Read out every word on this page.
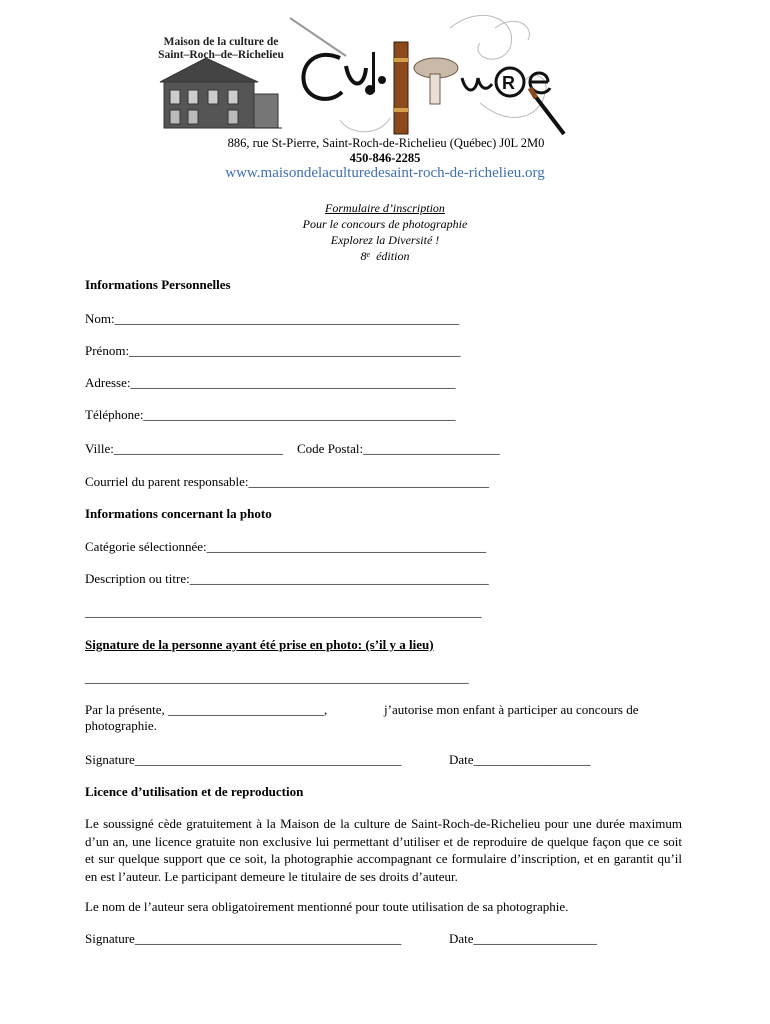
R
Maison de la culture de
Saint–Roch–de–Richelieu
886, rue St-Pierre, Saint-Roch-de-Richelieu (Québec) J0L 2M0
450-846-2285
www.maisondelaculturedesaint-roch-de-richelieu.org
Formulaire d’inscription
Pour le concours de photographie
Explorez la Diversité !
8e édition
Informations Personnelles
Nom:_____________________________________________________
Prénom:___________________________________________________
Adresse:__________________________________________________
Téléphone:________________________________________________
Ville:__________________________ Code Postal:_____________________
Courriel du parent responsable:_____________________________________
Informations concernant la photo
Catégorie sélectionnée:___________________________________________
Description ou titre:______________________________________________
_____________________________________________________________
Signature de la personne ayant été prise en photo: (s’il y a lieu)
___________________________________________________________
Par la présente, ________________________,	j’autorise mon enfant à participer au concours de
photographie.
Signature_________________________________________	Date__________________
Licence d’utilisation et de reproduction
Le soussigné cède gratuitement à la Maison de la culture de Saint-Roch-de-Richelieu pour une durée maximum d’un an, une licence gratuite non exclusive lui permettant d’utiliser et de reproduire de quelque façon que ce soit et sur quelque support que ce soit, la photographie accompagnant ce formulaire d’inscription, et en garantit qu’il en est l’auteur. Le participant demeure le titulaire de ses droits d’auteur.
Le nom de l’auteur sera obligatoirement mentionné pour toute utilisation de sa photographie.
Signature_________________________________________	Date___________________
